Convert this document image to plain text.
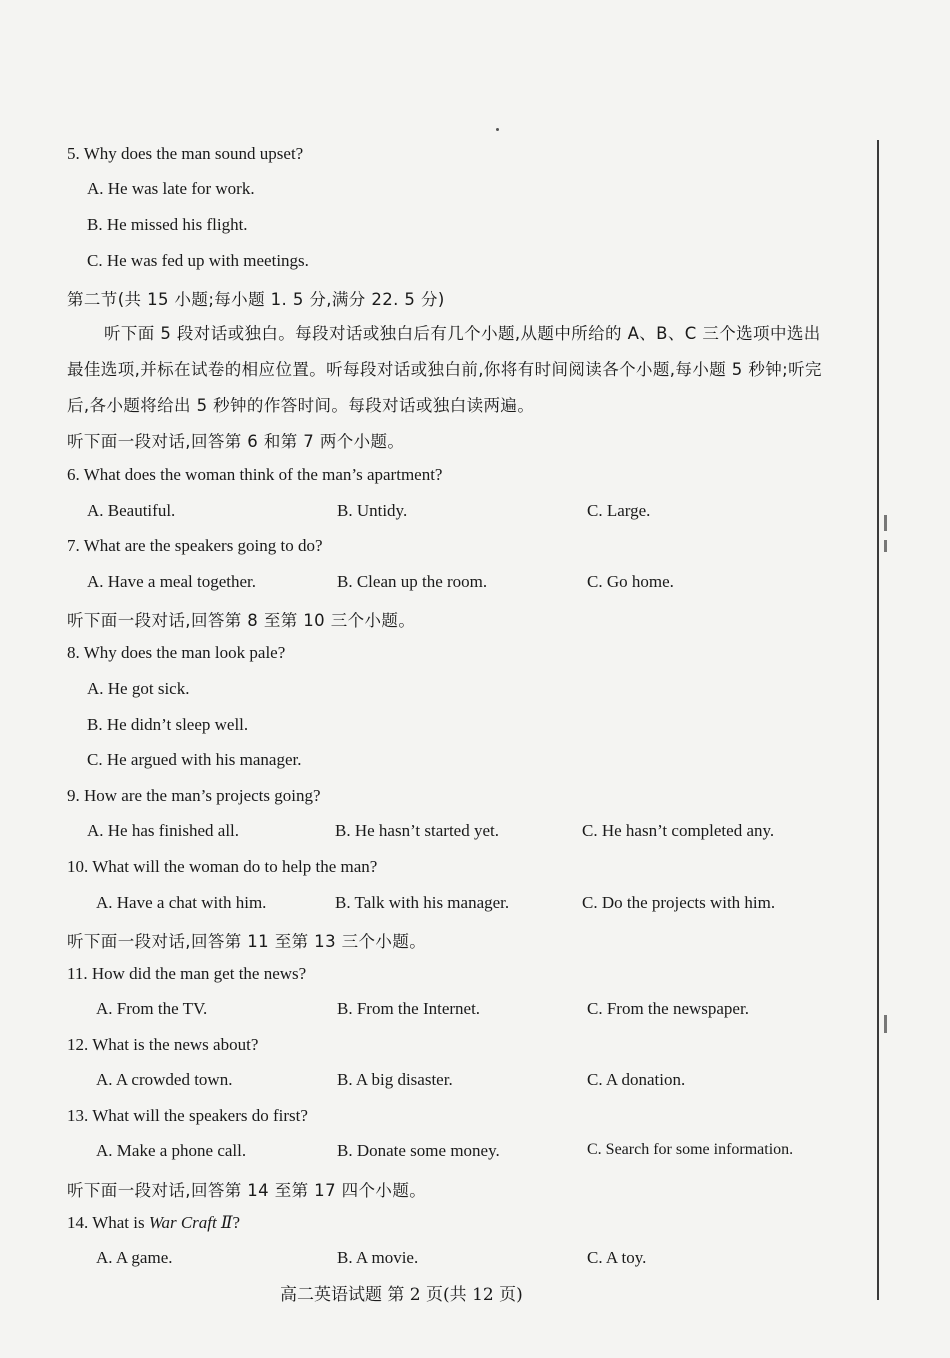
5. Why does the man sound upset?
A. He was late for work.
B. He missed his flight.
C. He was fed up with meetings.
第二节(共 15 小题;每小题 1. 5 分,满分 22. 5 分)
听下面 5 段对话或独白。每段对话或独白后有几个小题,从题中所给的 A、B、C 三个选项中选出最佳选项,并标在试卷的相应位置。听每段对话或独白前,你将有时间阅读各个小题,每小题 5 秒钟;听完后,各小题将给出 5 秒钟的作答时间。每段对话或独白读两遍。
听下面一段对话,回答第 6 和第 7 两个小题。
6. What does the woman think of the man’s apartment?
A. Beautiful.	B. Untidy.	C. Large.
7. What are the speakers going to do?
A. Have a meal together.	B. Clean up the room.	C. Go home.
听下面一段对话,回答第 8 至第 10 三个小题。
8. Why does the man look pale?
A. He got sick.
B. He didn’t sleep well.
C. He argued with his manager.
9. How are the man’s projects going?
A. He has finished all.	B. He hasn’t started yet.	C. He hasn’t completed any.
10. What will the woman do to help the man?
A. Have a chat with him.	B. Talk with his manager.	C. Do the projects with him.
听下面一段对话,回答第 11 至第 13 三个小题。
11. How did the man get the news?
A. From the TV.	B. From the Internet.	C. From the newspaper.
12. What is the news about?
A. A crowded town.	B. A big disaster.	C. A donation.
13. What will the speakers do first?
A. Make a phone call.	B. Donate some money.	C. Search for some information.
听下面一段对话,回答第 14 至第 17 四个小题。
14. What is War Craft Ⅱ?
A. A game.	B. A movie.	C. A toy.
高二英语试题 第 2 页(共 12 页)
